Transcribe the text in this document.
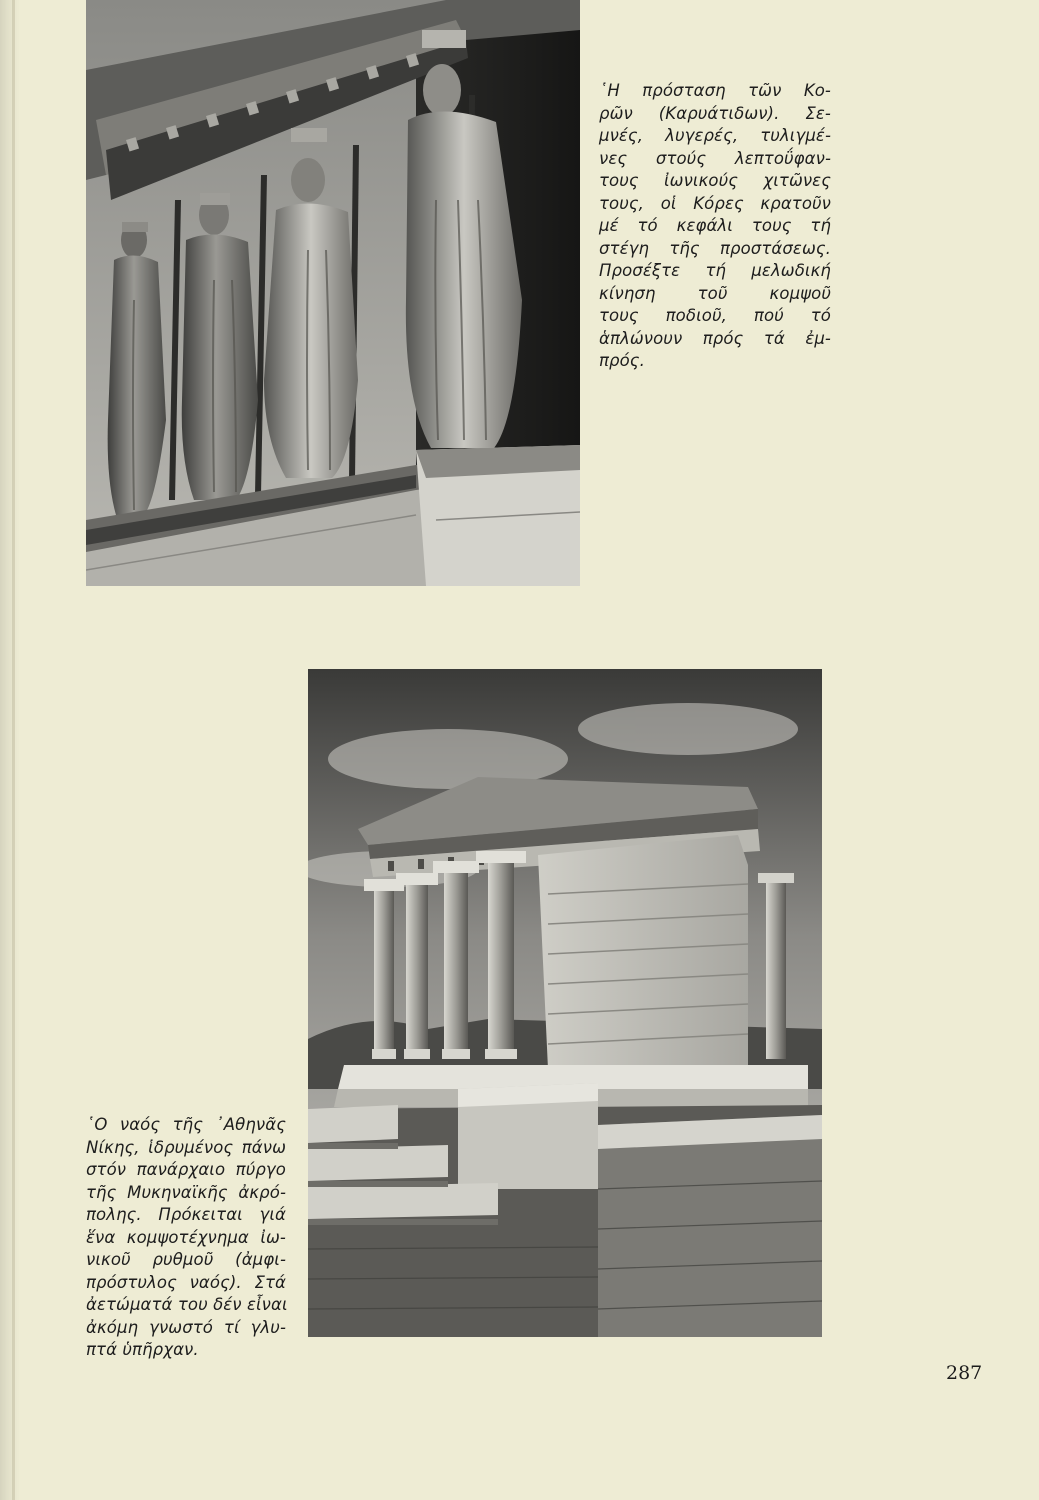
῾Η πρόσταση τῶν Κο-
ρῶν (Καρυάτιδων). Σε-
μνές, λυγερές, τυλιγμέ-
νες στούς λεπτοΰφαν-
τους ἰωνικούς χιτῶνες
τους, οἱ Κόρες κρατοῦν
μέ τό κεφάλι τους τή
στέγη τῆς προστάσεως.
Προσέξτε τή μελωδική
κίνηση τοῦ κομψοῦ
τους ποδιοῦ, πού τό
ἁπλώνουν πρός τά ἐμ-
πρός.
῾Ο ναός τῆς ᾽Αθηνᾶς
Νίκης, ἱδρυμένος πάνω
στόν πανάρχαιο πύργο
τῆς Μυκηναϊκῆς ἀκρό-
πολης. Πρόκειται γιά
ἕνα κομψοτέχνημα ἰω-
νικοῦ ρυθμοῦ (ἀμφι-
πρόστυλος ναός). Στά
ἀετώματά του δέν εἶναι
ἀκόμη γνωστό τί γλυ-
πτά ὑπῆρχαν.
287
